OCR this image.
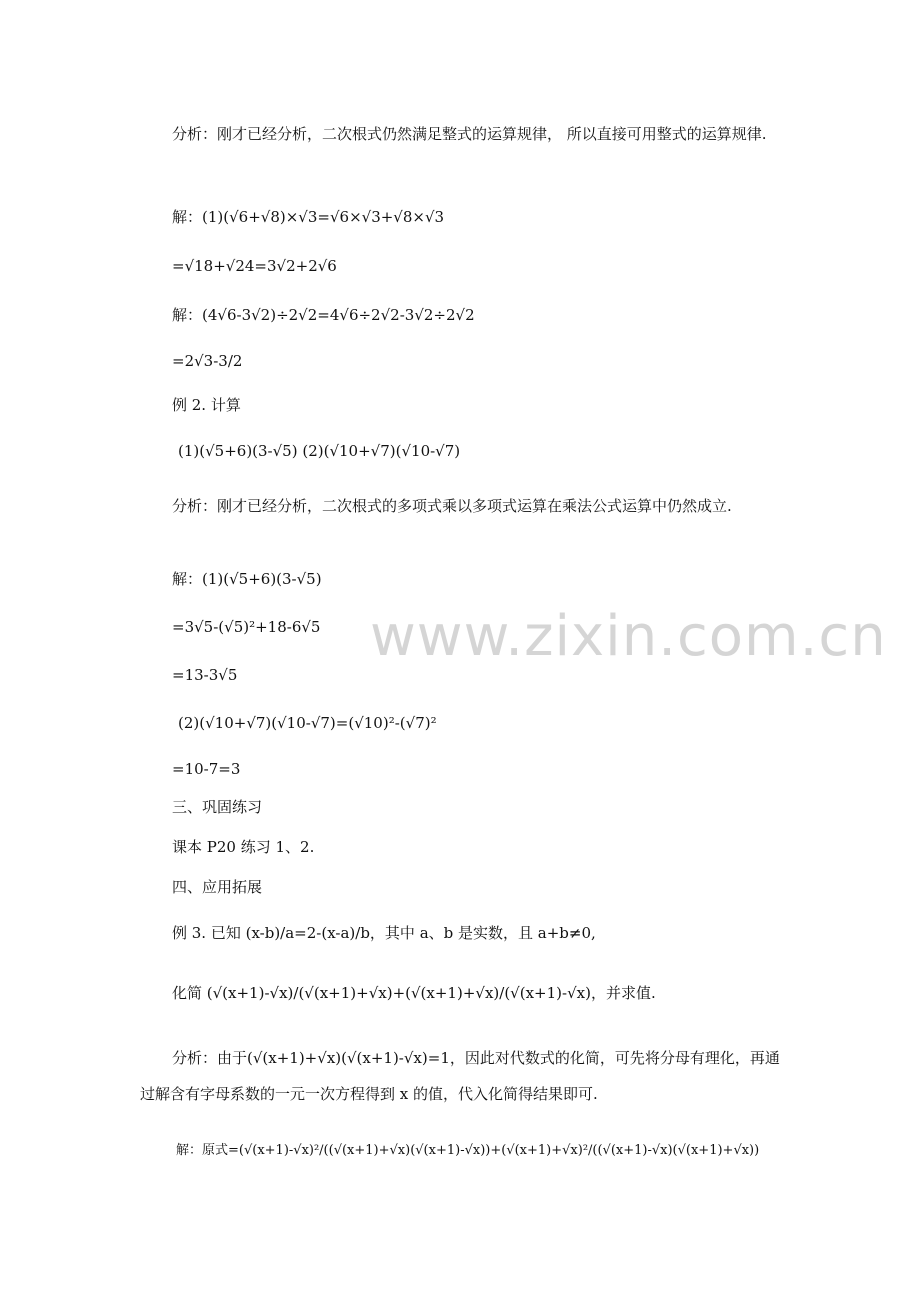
www.zixin.com.cn
分析：刚才已经分析，二次根式仍然满足整式的运算规律， 所以直接可用整式的运算规律.
解：(1)(√6+√8)×√3=√6×√3+√8×√3
=√18+√24=3√2+2√6
解：(4√6-3√2)÷2√2=4√6÷2√2-3√2÷2√2
=2√3-3/2
例 2. 计算
(1)(√5+6)(3-√5) (2)(√10+√7)(√10-√7)
分析：刚才已经分析，二次根式的多项式乘以多项式运算在乘法公式运算中仍然成立.
解：(1)(√5+6)(3-√5)
=3√5-(√5)²+18-6√5
=13-3√5
(2)(√10+√7)(√10-√7)=(√10)²-(√7)²
=10-7=3
三、巩固练习
课本 P20 练习 1、2.
四、应用拓展
例 3. 已知 (x-b)/a=2-(x-a)/b，其中 a、b 是实数，且 a+b≠0,
化简 (√(x+1)-√x)/(√(x+1)+√x)+(√(x+1)+√x)/(√(x+1)-√x)，并求值.
分析：由于(√(x+1)+√x)(√(x+1)-√x)=1，因此对代数式的化简，可先将分母有理化，再通过解含有字母系数的一元一次方程得到 x 的值，代入化简得结果即可.
解：原式=(√(x+1)-√x)²/((√(x+1)+√x)(√(x+1)-√x))+(√(x+1)+√x)²/((√(x+1)-√x)(√(x+1)+√x))
